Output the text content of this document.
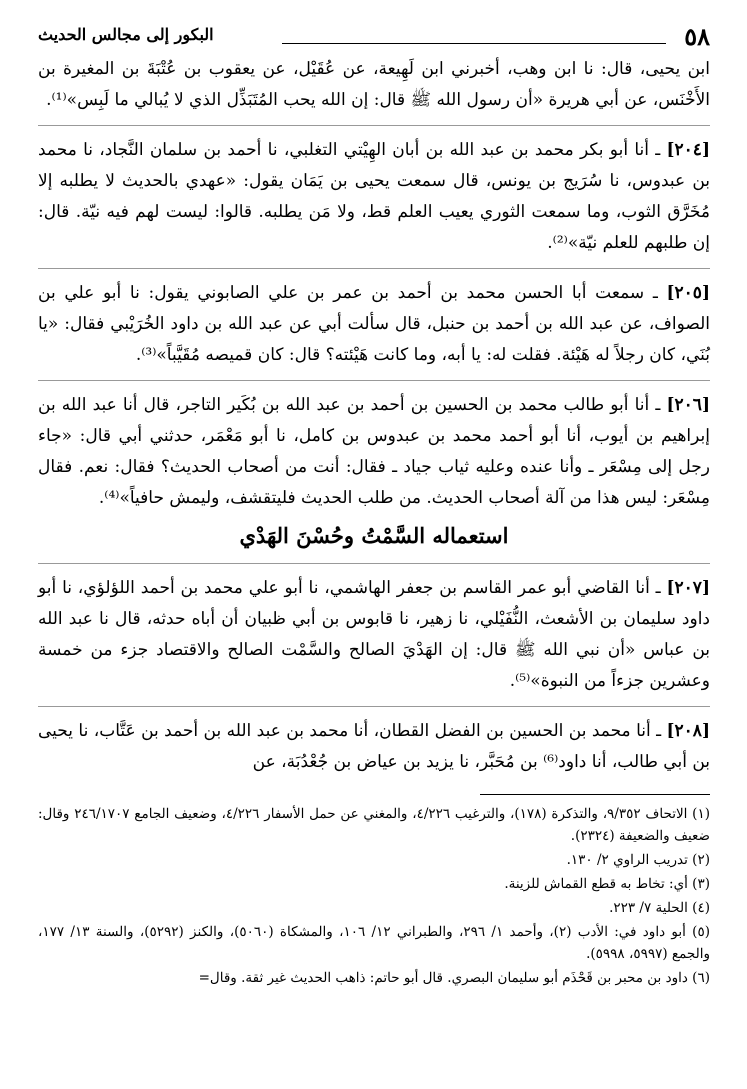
٥٨
البكور إلى مجالس الحديث

ابن يحيى، قال: نا ابن وهب، أخبرني ابن لَهِيعة، عن عُقَيْل، عن يعقوب بن عُتْبَةَ بن المغيرة بن الأَخْنَس، عن أبي هريرة «أن رسول الله ﷺ قال: إن الله يحب المُتَبَذِّل الذي لا يُبالي ما لَبِس»⁽¹⁾.

[٢٠٤] ـ أنا أبو بكر محمد بن عبد الله بن أبان الهِيْتي التغلبي، نا أحمد بن سلمان النَّجاد، نا محمد بن عبدوس، نا سُرَيج بن يونس، قال سمعت يحيى بن يَمَان يقول: «عهدي بالحديث لا يطلبه إلا مُخَرَّق الثوب، وما سمعت الثوري يعيب العلم قط، ولا مَن يطلبه. قالوا: ليست لهم فيه نيّة. قال: إن طلبهم للعلم نيّة»⁽²⁾.

[٢٠٥] ـ سمعت أبا الحسن محمد بن أحمد بن عمر بن علي الصابوني يقول: نا أبو علي بن الصواف، عن عبد الله بن أحمد بن حنبل، قال سألت أبي عن عبد الله بن داود الخُرَيْبي فقال: «يا بُنَي، كان رجلاً له هَيْئة. فقلت له: يا أبه، وما كانت هَيْئته؟ قال: كان قميصه مُقَيَّباً»⁽³⁾.

[٢٠٦] ـ أنا أبو طالب محمد بن الحسين بن أحمد بن عبد الله بن بُكَير التاجر، قال أنا عبد الله بن إبراهيم بن أيوب، أنا أبو أحمد محمد بن عبدوس بن كامل، نا أبو مَعْمَر، حدثني أبي قال: «جاء رجل إلى مِسْعَر ـ وأنا عنده وعليه ثياب جياد ـ فقال: أنت من أصحاب الحديث؟ فقال: نعم. فقال مِسْعَر: ليس هذا من آلة أصحاب الحديث. من طلب الحديث فليتقشف، وليمش حافياً»⁽⁴⁾.

استعماله السَّمْتُ وحُسْنَ الهَدْي

[٢٠٧] ـ أنا القاضي أبو عمر القاسم بن جعفر الهاشمي، نا أبو علي محمد بن أحمد اللؤلؤي، نا أبو داود سليمان بن الأشعث، النُّفَيْلي، نا زهير، نا قابوس بن أبي ظبيان أن أباه حدثه، قال نا عبد الله بن عباس «أن نبي الله ﷺ قال: إن الهَدْيَ الصالح والسَّمْت الصالح والاقتصاد جزء من خمسة وعشرين جزءاً من النبوة»⁽⁵⁾.

[٢٠٨] ـ أنا محمد بن الحسين بن الفضل القطان، أنا محمد بن عبد الله بن أحمد بن عَتَّاب، نا يحيى بن أبي طالب، أنا داود⁽⁶⁾ بن مُحَبَّر، نا يزيد بن عياض بن جُعْدُبَة، عن

(١) الاتحاف ٩/٣٥٢، والتذكرة (١٧٨)، والترغيب ٤/٢٢٦، والمغني عن حمل الأسفار ٤/٢٢٦، وضعيف الجامع ٢٤٦/١٧٠٧ وقال: ضعيف والضعيفة (٢٣٢٤).

(٢) تدريب الراوي ٢/ ١٣٠.

(٣) أي: تخاط به قطع القماش للزينة.

(٤) الحلية ٧/ ٢٢٣.

(٥) أبو داود في: الأدب (٢)، وأحمد ١/ ٢٩٦، والطبراني ١٢/ ١٠٦، والمشكاة (٥٠٦٠)، والكنز (٥٢٩٢)، والسنة ١٣/ ١٧٧، والجمع (٥٩٩٧، ٥٩٩٨).

(٦) داود بن محبر بن قَحْذَم أبو سليمان البصري. قال أبو حاتم: ذاهب الحديث غير ثقة. وقال=
